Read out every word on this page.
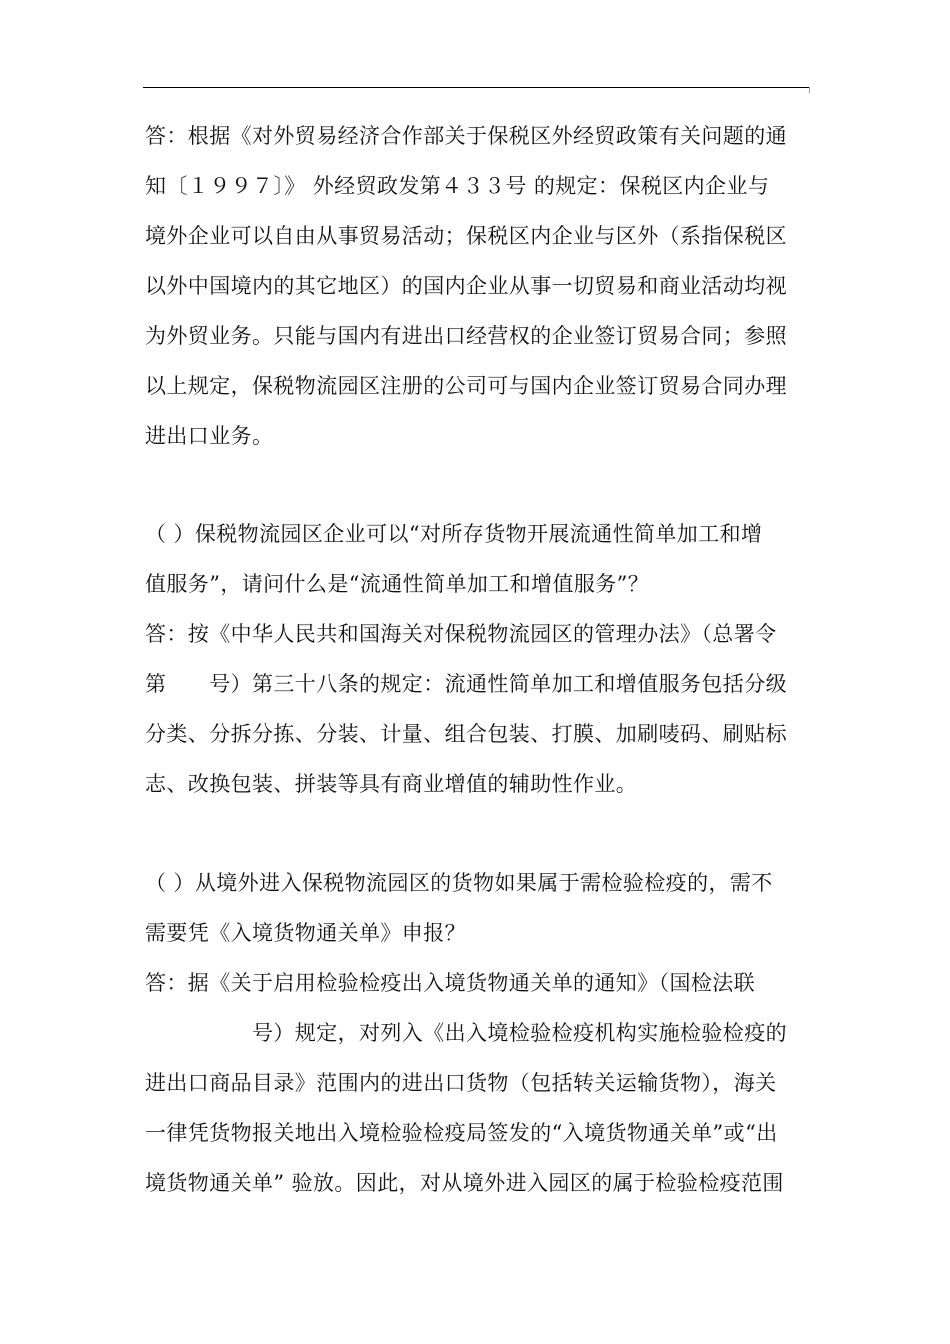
答：根据《对外贸易经济合作部关于保税区外经贸政策有关问题的通
知〔１９９７〕》 外经贸政发第４３３号 的规定：保税区内企业与
境外企业可以自由从事贸易活动；保税区内企业与区外（系指保税区
以外中国境内的其它地区）的国内企业从事一切贸易和商业活动均视
为外贸业务。只能与国内有进出口经营权的企业签订贸易合同；参照
以上规定，保税物流园区注册的公司可与国内企业签订贸易合同办理
进出口业务。
（ ）保税物流园区企业可以“对所存货物开展流通性简单加工和增
值服务”，请问什么是“流通性简单加工和增值服务”？
答：按《中华人民共和国海关对保税物流园区的管理办法》（总署令
第　　号）第三十八条的规定：流通性简单加工和增值服务包括分级
分类、分拆分拣、分装、计量、组合包装、打膜、加刷唛码、刷贴标
志、改换包装、拼装等具有商业增值的辅助性作业。
（ ）从境外进入保税物流园区的货物如果属于需检验检疫的，需不
需要凭《入境货物通关单》申报？
答：据《关于启用检验检疫出入境货物通关单的通知》（国检法联
　　　　　号）规定，对列入《出入境检验检疫机构实施检验检疫的
进出口商品目录》范围内的进出口货物（包括转关运输货物），海关
一律凭货物报关地出入境检验检疫局签发的“入境货物通关单”或“出
境货物通关单” 验放。因此，对从境外进入园区的属于检验检疫范围
